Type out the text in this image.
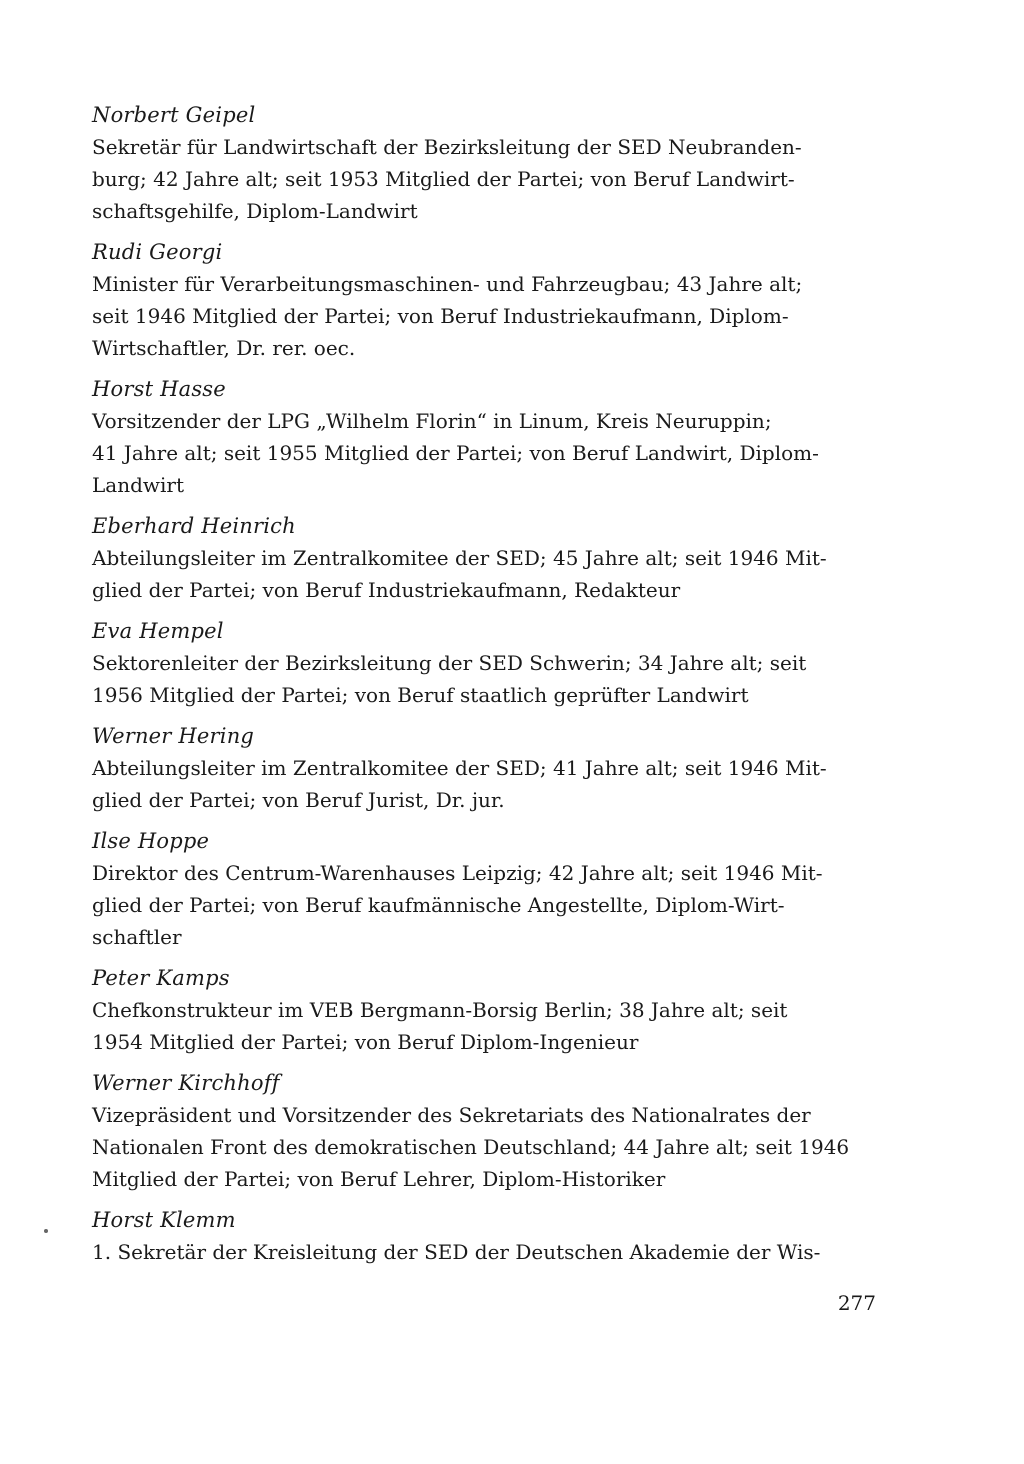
Norbert Geipel

Sekretär für Landwirtschaft der Bezirksleitung der SED Neubranden-
burg; 42 Jahre alt; seit 1953 Mitglied der Partei; von Beruf Landwirt-
schaftsgehilfe, Diplom-Landwirt

Rudi Georgi

Minister für Verarbeitungsmaschinen- und Fahrzeugbau; 43 Jahre alt;
seit 1946 Mitglied der Partei; von Beruf Industriekaufmann, Diplom-
Wirtschaftler, Dr. rer. oec.

Horst Hasse

Vorsitzender der LPG „Wilhelm Florin“ in Linum, Kreis Neuruppin;
41 Jahre alt; seit 1955 Mitglied der Partei; von Beruf Landwirt, Diplom-
Landwirt

Eberhard Heinrich

Abteilungsleiter im Zentralkomitee der SED; 45 Jahre alt; seit 1946 Mit-
glied der Partei; von Beruf Industriekaufmann, Redakteur

Eva Hempel

Sektorenleiter der Bezirksleitung der SED Schwerin; 34 Jahre alt; seit
1956 Mitglied der Partei; von Beruf staatlich geprüfter Landwirt

Werner Hering

Abteilungsleiter im Zentralkomitee der SED; 41 Jahre alt; seit 1946 Mit-
glied der Partei; von Beruf Jurist, Dr. jur.

Ilse Hoppe

Direktor des Centrum-Warenhauses Leipzig; 42 Jahre alt; seit 1946 Mit-
glied der Partei; von Beruf kaufmännische Angestellte, Diplom-Wirt-
schaftler

Peter Kamps

Chefkonstrukteur im VEB Bergmann-Borsig Berlin; 38 Jahre alt; seit
1954 Mitglied der Partei; von Beruf Diplom-Ingenieur

Werner Kirchhoff

Vizepräsident und Vorsitzender des Sekretariats des Nationalrates der
Nationalen Front des demokratischen Deutschland; 44 Jahre alt; seit 1946
Mitglied der Partei; von Beruf Lehrer, Diplom-Historiker

Horst Klemm

1. Sekretär der Kreisleitung der SED der Deutschen Akademie der Wis-

277
